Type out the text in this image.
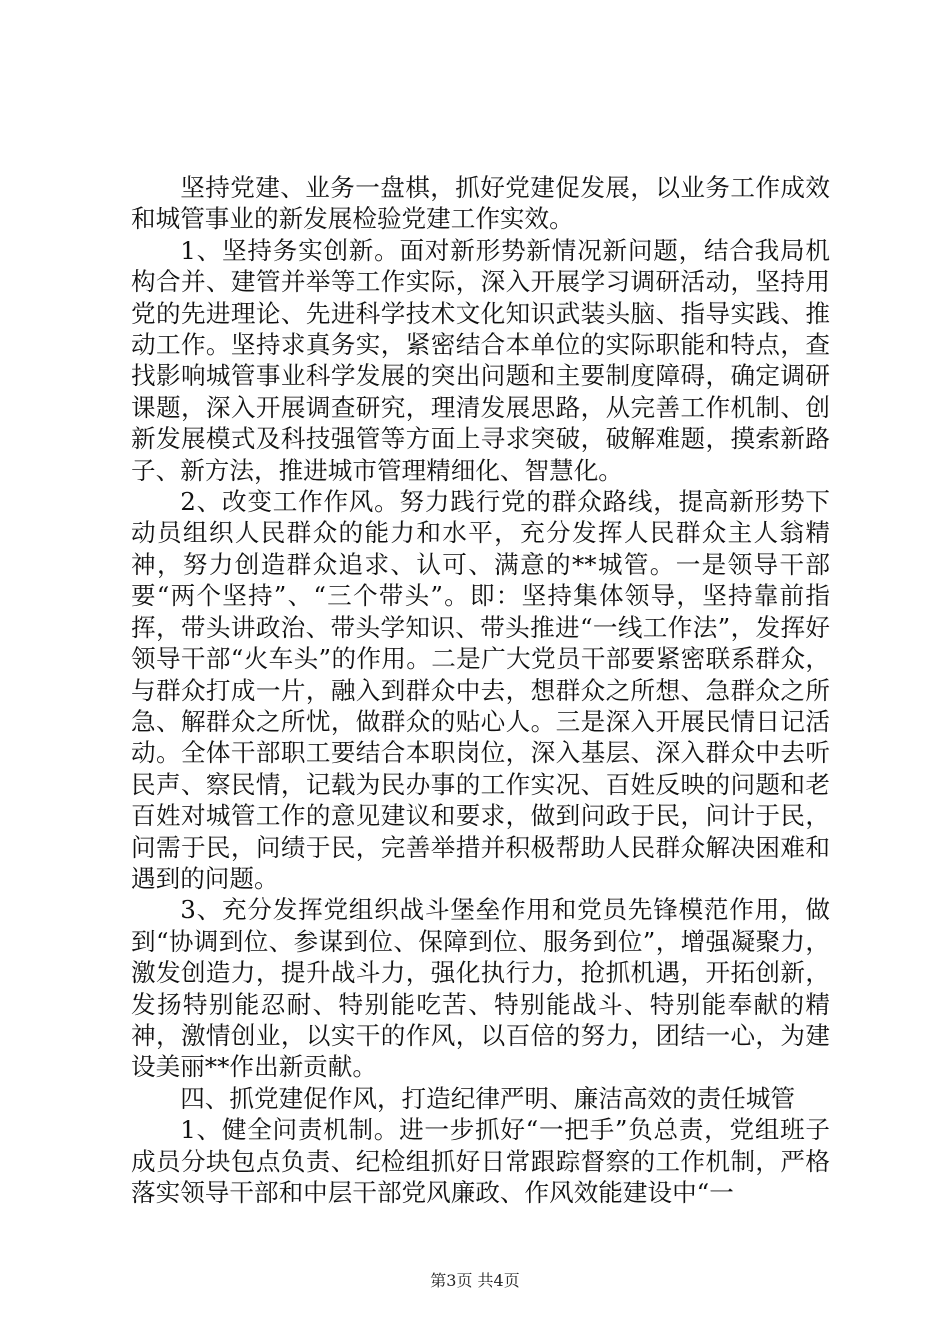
坚持党建、业务一盘棋，抓好党建促发展，以业务工作成效和城管事业的新发展检验党建工作实效。

1、坚持务实创新。面对新形势新情况新问题，结合我局机构合并、建管并举等工作实际，深入开展学习调研活动，坚持用党的先进理论、先进科学技术文化知识武装头脑、指导实践、推动工作。坚持求真务实，紧密结合本单位的实际职能和特点，查找影响城管事业科学发展的突出问题和主要制度障碍，确定调研课题，深入开展调查研究，理清发展思路，从完善工作机制、创新发展模式及科技强管等方面上寻求突破，破解难题，摸索新路子、新方法，推进城市管理精细化、智慧化。

2、改变工作作风。努力践行党的群众路线，提高新形势下动员组织人民群众的能力和水平，充分发挥人民群众主人翁精神，努力创造群众追求、认可、满意的**城管。一是领导干部要“两个坚持”、“三个带头”。即：坚持集体领导，坚持靠前指挥，带头讲政治、带头学知识、带头推进“一线工作法”，发挥好领导干部“火车头”的作用。二是广大党员干部要紧密联系群众，与群众打成一片，融入到群众中去，想群众之所想、急群众之所急、解群众之所忧，做群众的贴心人。三是深入开展民情日记活动。全体干部职工要结合本职岗位，深入基层、深入群众中去听民声、察民情，记载为民办事的工作实况、百姓反映的问题和老百姓对城管工作的意见建议和要求，做到问政于民，问计于民，问需于民，问绩于民，完善举措并积极帮助人民群众解决困难和遇到的问题。

3、充分发挥党组织战斗堡垒作用和党员先锋模范作用，做到“协调到位、参谋到位、保障到位、服务到位”，增强凝聚力，激发创造力，提升战斗力，强化执行力，抢抓机遇，开拓创新，发扬特别能忍耐、特别能吃苦、特别能战斗、特别能奉献的精神，激情创业，以实干的作风，以百倍的努力，团结一心，为建设美丽**作出新贡献。

四、抓党建促作风，打造纪律严明、廉洁高效的责任城管

1、健全问责机制。进一步抓好“一把手”负总责，党组班子成员分块包点负责、纪检组抓好日常跟踪督察的工作机制，严格落实领导干部和中层干部党风廉政、作风效能建设中“一

第3页 共4页
